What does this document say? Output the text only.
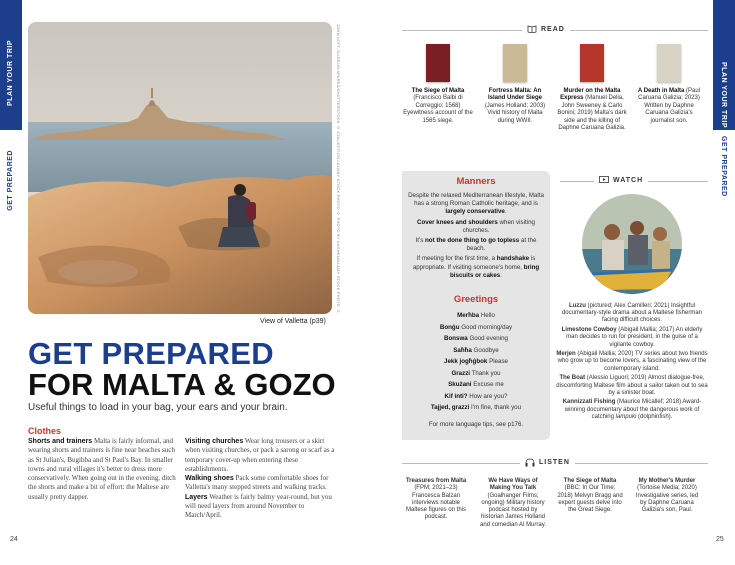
PLAN YOUR TRIP
GET PREPARED	JOHN LOFT, GUDRUN SPARKS/SHUTTERSTOCK © COLLECTION / ALAMY STOCK PHOTO © PHOTO BY KASHEN/ALAMY STOCK PHOTO ©
View of Valletta (p39)
GET PREPARED
FOR MALTA & GOZO
Useful things to load in your bag, your ears and your brain.
Clothes
Shorts and trainers Malta is fairly informal, and wearing shorts and trainers is fine near beaches such as St Julian's, Bugibba and St Paul's Bay. In smaller towns and rural villages it's better to dress more conservatively. When going out in the evening, ditch the shorts and make a bit of effort: the Maltese are usually pretty dapper.
Visiting churches Wear long trousers or a skirt when visiting churches, or pack a sarong or scarf as a temporary cover-up when entering these establishments.
Walking shoes Pack some comfortable shoes for Valletta's many stepped streets and walking tracks.
Layers Weather is fairly balmy year-round, but you will need layers from around November to March/April.
24
PLAN YOUR TRIP
GET PREPARED
READ
The Siege of Malta (Francisco Balbi di Correggio; 1568) Eyewitness account of the 1565 siege.
Fortress Malta: An Island Under Siege (James Holland; 2003) Vivid history of Malta during WWII.
Murder on the Malta Express (Manuel Delia, John Sweeney & Carlo Bonini; 2019) Malta's dark side and the killing of Daphne Caruana Galizia.
A Death in Malta (Paul Caruana Galizia; 2023) Written by Daphne Caruana Galizia's journalist son.
Manners
Despite the relaxed Mediterranean lifestyle, Malta has a strong Roman Catholic heritage, and is largely conservative.
Cover knees and shoulders when visiting churches.
It's not the done thing to go topless at the beach.
If meeting for the first time, a handshake is appropriate. If visiting someone's home, bring biscuits or cakes.
Greetings
Merħba Hello
Bonġu Good morning/day
Bonswa Good evening
Saħħa Goodbye
Jekk jogħġbok Please
Grazzi Thank you
Skużani Excuse me
Kif inti? How are you?
Tajjed, grazzi I'm fine, thank you
For more language tips, see p176.
WATCH

Luzzu (pictured; Alex Camilleri; 2021) Insightful documentary-style drama about a Maltese fisherman facing difficult choices.

Limestone Cowboy (Abigail Mallia; 2017) An elderly man decides to run for president, in the guise of a vigilante cowboy.

Merjen (Abigail Mallia; 2020) TV series about two friends who grow up to become lovers, a fascinating view of the contemporary island.

The Boat (Alessio Liguori; 2019) Almost dialogue-free, discomforting Maltese film about a sailor taken out to sea by a sinister boat.

Kannizzati Fishing (Maurice Micallef; 2018) Award-winning documentary about the dangerous work of catching lampuki (dolphinfish).

LISTEN
Treasures from Malta (FPM; 2021–23) Francesca Balzan interviews notable Maltese figures on this podcast.
We Have Ways of Making You Talk (Goalhanger Films; ongoing) Military history podcast hosted by historian James Holland and comedian Al Murray.
The Siege of Malta (BBC: In Our Time; 2018) Melvyn Bragg and expert guests delve into the Great Siege.
My Mother's Murder (Tortoise Media; 2020) Investigative series, led by Daphne Caruana Galizia's son, Paul.
25
